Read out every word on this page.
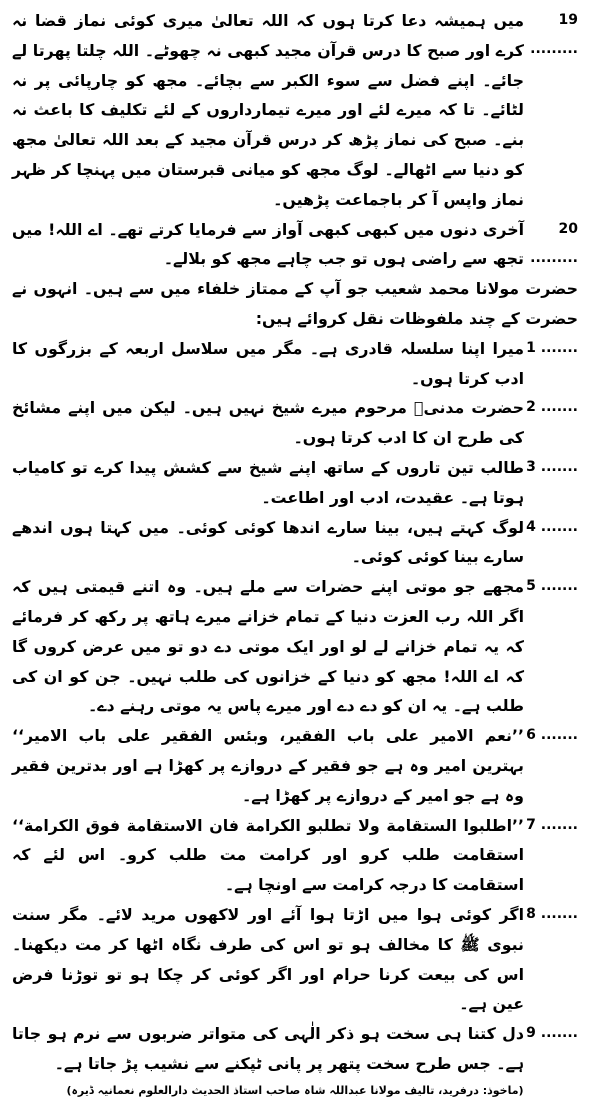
19 .........
میں ہمیشہ دعا کرتا ہوں کہ اللہ تعالیٰ میری کوئی نماز قضا نہ کرے اور صبح کا درس قرآن مجید کبھی نہ چھوٹے۔ اللہ چلتا پھرتا لے جائے۔ اپنے فضل سے سوء الکبر سے بچائے۔ مجھ کو چارپائی پر نہ لٹائے۔ تا کہ میرے لئے اور میرے تیمارداروں کے لئے تکلیف کا باعث نہ بنے۔ صبح کی نماز پڑھ کر درس قرآن مجید کے بعد اللہ تعالیٰ مجھ کو دنیا سے اٹھالے۔ لوگ مجھ کو میانی قبرستان میں پہنچا کر ظہر نماز واپس آ کر باجماعت پڑھیں۔
20 .........
آخری دنوں میں کبھی کبھی آواز سے فرمایا کرتے تھے۔ اے اللہ! میں تجھ سے راضی ہوں تو جب چاہے مجھ کو بلالے۔
حضرت مولانا محمد شعیب جو آپ کے ممتاز خلفاء میں سے ہیں۔ انہوں نے حضرت کے چند ملفوظات نقل کروائے ہیں:
1 .......
میرا اپنا سلسلہ قادری ہے۔ مگر میں سلاسل اربعہ کے بزرگوں کا ادب کرتا ہوں۔
2 .......
حضرت مدنیؒ مرحوم میرے شیخ نہیں ہیں۔ لیکن میں اپنے مشائخ کی طرح ان کا ادب کرتا ہوں۔
3 .......
طالب تین تاروں کے ساتھ اپنے شیخ سے کشش پیدا کرے تو کامیاب ہوتا ہے۔ عقیدت، ادب اور اطاعت۔
4 .......
لوگ کہتے ہیں، بینا سارے اندھا کوئی کوئی۔ میں کہتا ہوں اندھے سارے بینا کوئی کوئی۔
5 .......
مجھے جو موتی اپنے حضرات سے ملے ہیں۔ وہ اتنے قیمتی ہیں کہ اگر اللہ رب العزت دنیا کے تمام خزانے میرے ہاتھ پر رکھ کر فرمائے کہ یہ تمام خزانے لے لو اور ایک موتی دے دو تو میں عرض کروں گا کہ اے اللہ! مجھ کو دنیا کے خزانوں کی طلب نہیں۔ جن کو ان کی طلب ہے۔ یہ ان کو دے دے اور میرے پاس یہ موتی رہنے دے۔
6 .......
’’نعم الامیر علی باب الفقیر، وبئس الفقیر علی باب الامیر‘‘ بہترین امیر وہ ہے جو فقیر کے دروازے پر کھڑا ہے اور بدترین فقیر وہ ہے جو امیر کے دروازے پر کھڑا ہے۔
7 .......
’’اطلبوا الستقامة ولا تطلبو الکرامة فان الاستقامة فوق الکرامة‘‘ استقامت طلب کرو اور کرامت مت طلب کرو۔ اس لئے کہ استقامت کا درجہ کرامت سے اونچا ہے۔
8 .......
اگر کوئی ہوا میں اڑتا ہوا آئے اور لاکھوں مرید لائے۔ مگر سنت نبوی ﷺ کا مخالف ہو تو اس کی طرف نگاہ اٹھا کر مت دیکھنا۔ اس کی بیعت کرنا حرام اور اگر کوئی کر چکا ہو تو توڑنا فرض عین ہے۔
9 .......
دل کتنا ہی سخت ہو ذکر الٰہی کی متواتر ضربوں سے نرم ہو جاتا ہے۔ جس طرح سخت پتھر پر پانی ٹپکنے سے نشیب پڑ جاتا ہے۔
(ماخوذ: درفرید، تالیف مولانا عبداللہ شاہ صاحب استاذ الحدیث دارالعلوم نعمانیہ ڈیرہ)
